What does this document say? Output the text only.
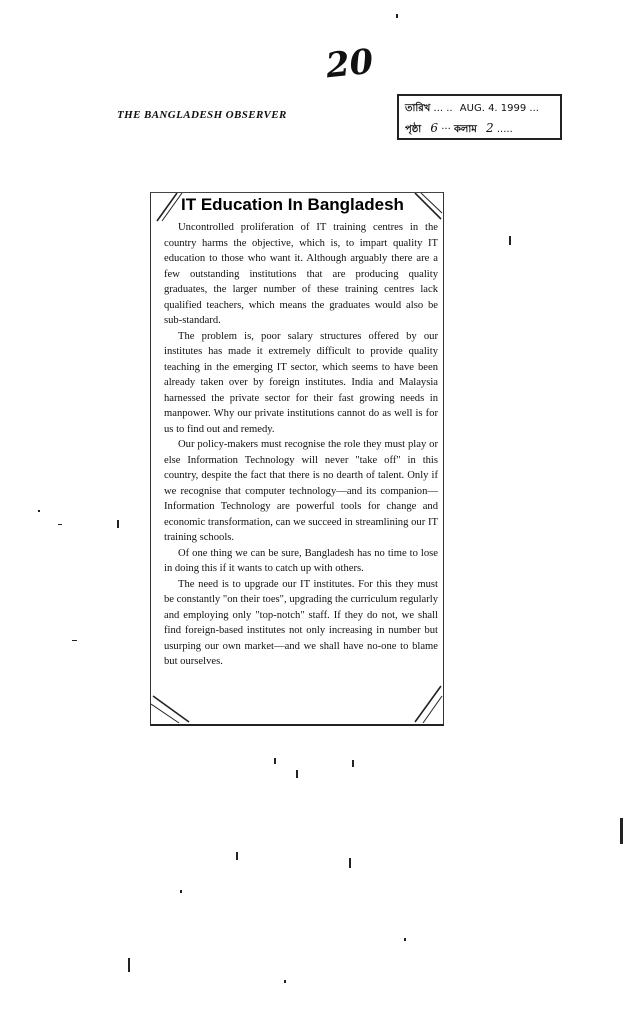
20
THE BANGLADESH OBSERVER
তারিখ ... .. AUG. 4. 1999 ...
পৃষ্ঠা 6 ··· কলাম 2 .....
IT Education In Bangladesh

Uncontrolled proliferation of IT training centres in the country harms the objective, which is, to impart quality IT education to those who want it. Although arguably there are a few outstanding institutions that are producing quality graduates, the larger number of these training centres lack qualified teachers, which means the graduates would also be sub-standard.

The problem is, poor salary structures offered by our institutes has made it extremely difficult to provide quality teaching in the emerging IT sector, which seems to have been already taken over by foreign institutes. India and Malaysia harnessed the private sector for their fast growing needs in manpower. Why our private institutions cannot do as well is for us to find out and remedy.

Our policy-makers must recognise the role they must play or else Information Technology will never "take off" in this country, despite the fact that there is no dearth of talent. Only if we recognise that computer technology—and its companion—Information Technology are powerful tools for change and economic transformation, can we succeed in streamlining our IT training schools.

Of one thing we can be sure, Bangladesh has no time to lose in doing this if it wants to catch up with others.

The need is to upgrade our IT institutes. For this they must be constantly "on their toes", upgrading the curriculum regularly and employing only "top-notch" staff. If they do not, we shall find foreign-based institutes not only increasing in number but usurping our own market—and we shall have no-one to blame but ourselves.
